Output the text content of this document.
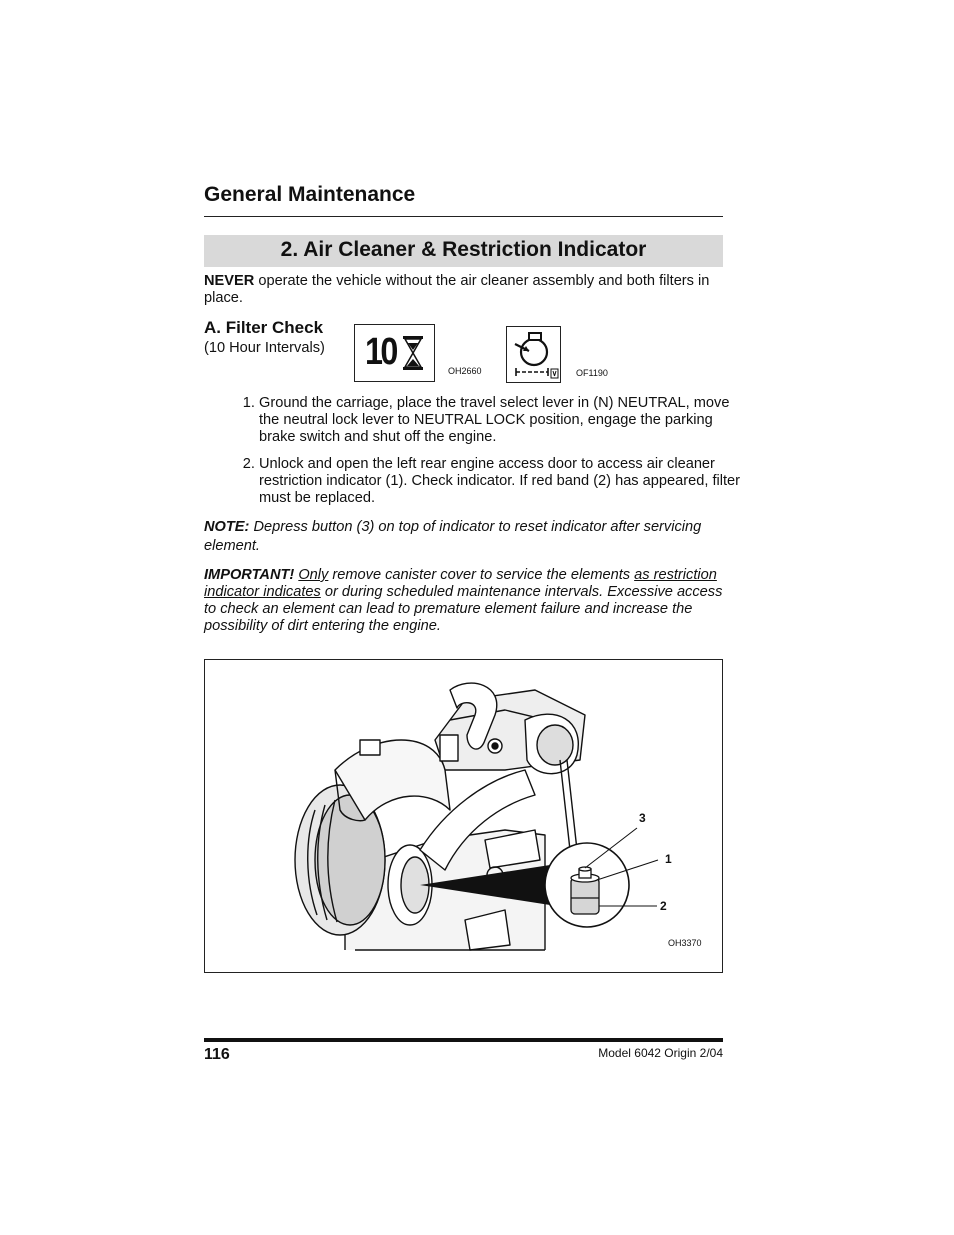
General Maintenance
2. Air Cleaner & Restriction Indicator
NEVER operate the vehicle without the air cleaner assembly and both filters in place.
A. Filter Check
(10 Hour Intervals) 10	OH2660	OF1190
1. Ground the carriage, place the travel select lever in (N) NEUTRAL, move the neutral lock lever to NEUTRAL LOCK position, engage the parking brake switch and shut off the engine.
2. Unlock and open the left rear engine access door to access air cleaner restriction indicator (1). Check indicator. If red band (2) has appeared, filter must be replaced.
NOTE: Depress button (3) on top of indicator to reset indicator after servicing element.
IMPORTANT! Only remove canister cover to service the elements as restriction indicator indicates or during scheduled maintenance intervals. Excessive access to check an element can lead to premature element failure and increase the possibility of dirt entering the engine.
3
1
2
OH3370
116	Model 6042 Origin 2/04
